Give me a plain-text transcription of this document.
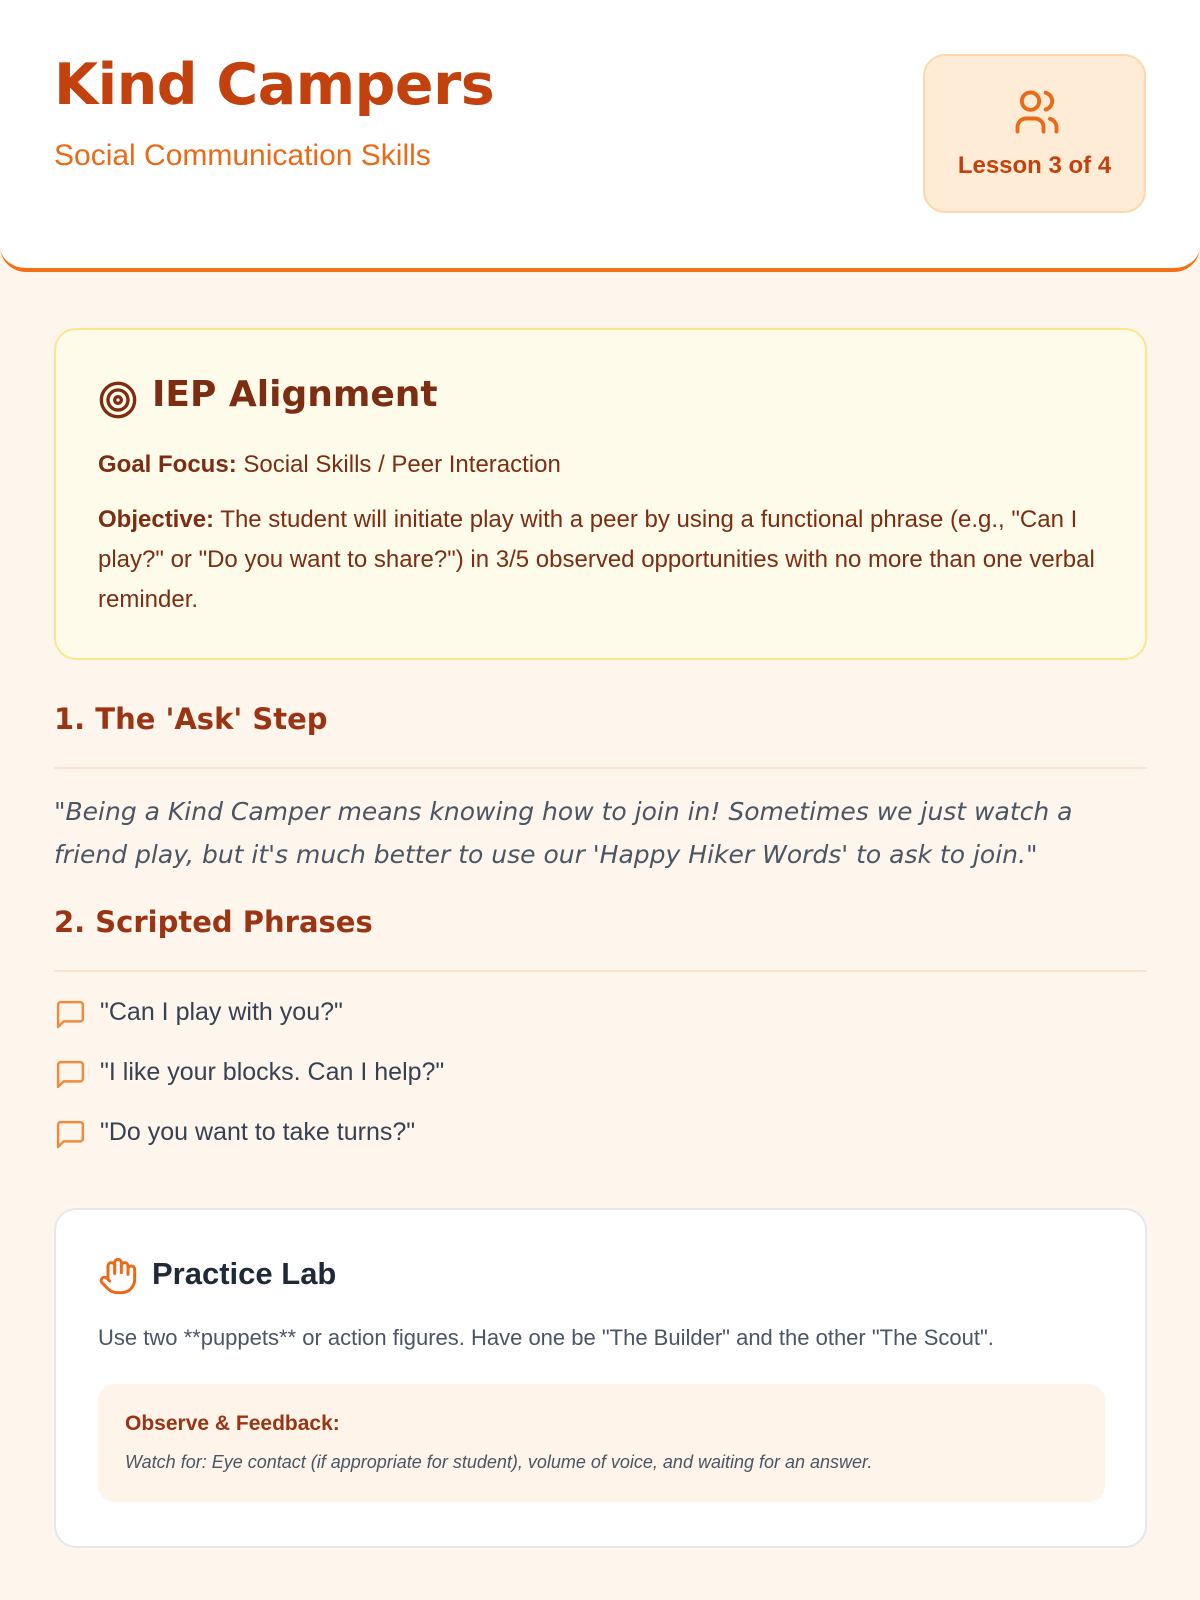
Kind Campers
Social Communication Skills	Lesson 3 of 4
IEP Alignment
Goal Focus: Social Skills / Peer Interaction
Objective: The student will initiate play with a peer by using a functional phrase (e.g., "Can I play?" or "Do you want to share?") in 3/5 observed opportunities with no more than one verbal reminder.
1. The 'Ask' Step
"Being a Kind Camper means knowing how to join in! Sometimes we just watch a friend play, but it's much better to use our 'Happy Hiker Words' to ask to join."
2. Scripted Phrases
"Can I play with you?"
"I like your blocks. Can I help?"
"Do you want to take turns?"
Practice Lab
Use two **puppets** or action figures. Have one be "The Builder" and the other "The Scout".
Observe & Feedback:
Watch for: Eye contact (if appropriate for student), volume of voice, and waiting for an answer.
